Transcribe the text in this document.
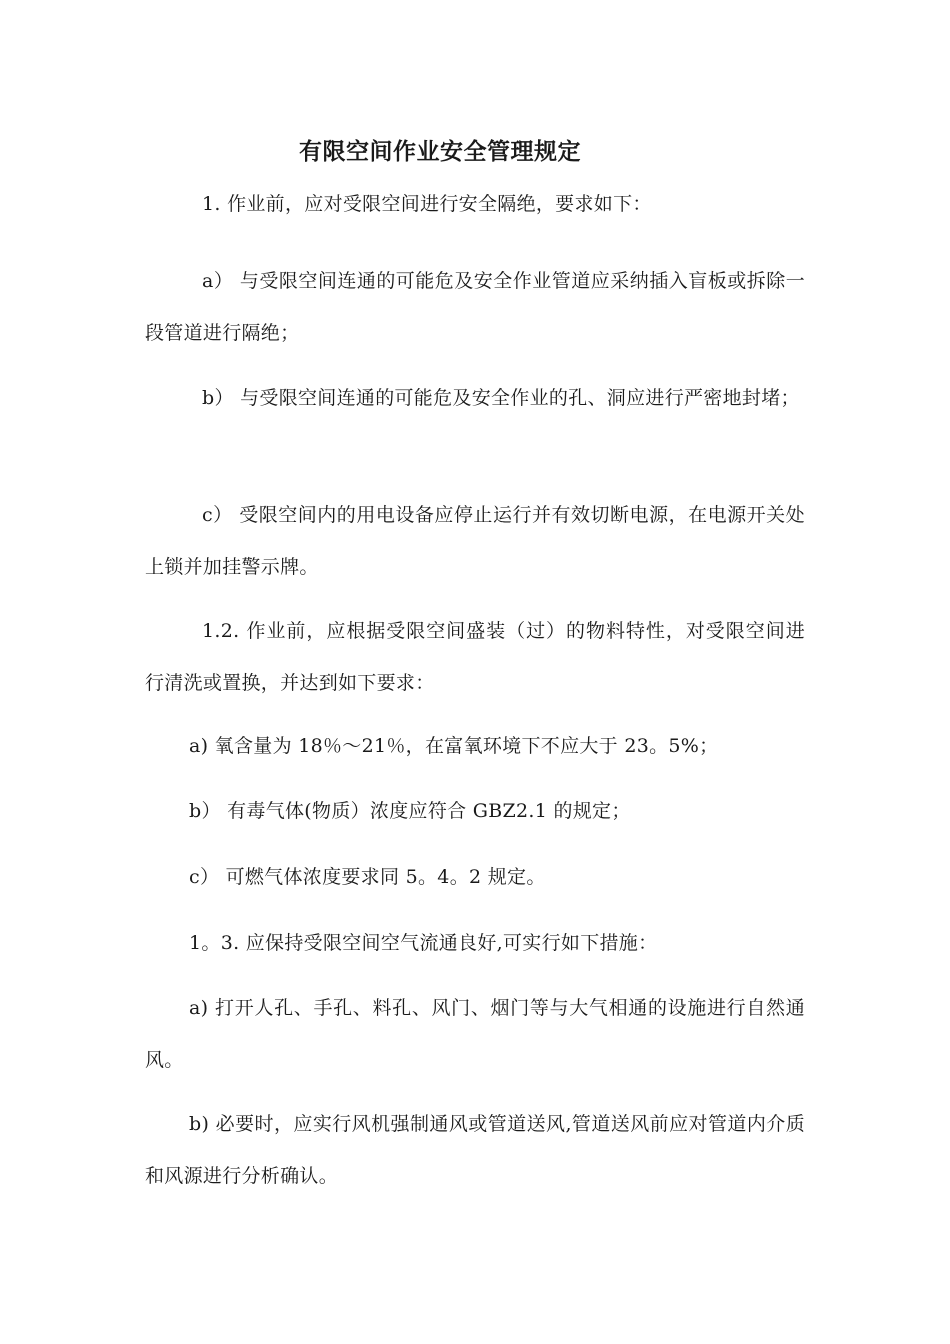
有限空间作业安全管理规定

1. 作业前，应对受限空间进行安全隔绝，要求如下：

a） 与受限空间连通的可能危及安全作业管道应采纳插入盲板或拆除一段管道进行隔绝；

b） 与受限空间连通的可能危及安全作业的孔、洞应进行严密地封堵；

c） 受限空间内的用电设备应停止运行并有效切断电源，在电源开关处上锁并加挂警示牌。

1.2. 作业前，应根据受限空间盛装（过）的物料特性，对受限空间进行清洗或置换，并达到如下要求：

a) 氧含量为 18％～21％，在富氧环境下不应大于 23。5%；

b） 有毒气体(物质）浓度应符合 GBZ2.1 的规定；

c） 可燃气体浓度要求同 5。4。2 规定。

1。3. 应保持受限空间空气流通良好,可实行如下措施：

a) 打开人孔、手孔、料孔、风门、烟门等与大气相通的设施进行自然通风。

b) 必要时，应实行风机强制通风或管道送风,管道送风前应对管道内介质和风源进行分析确认。
